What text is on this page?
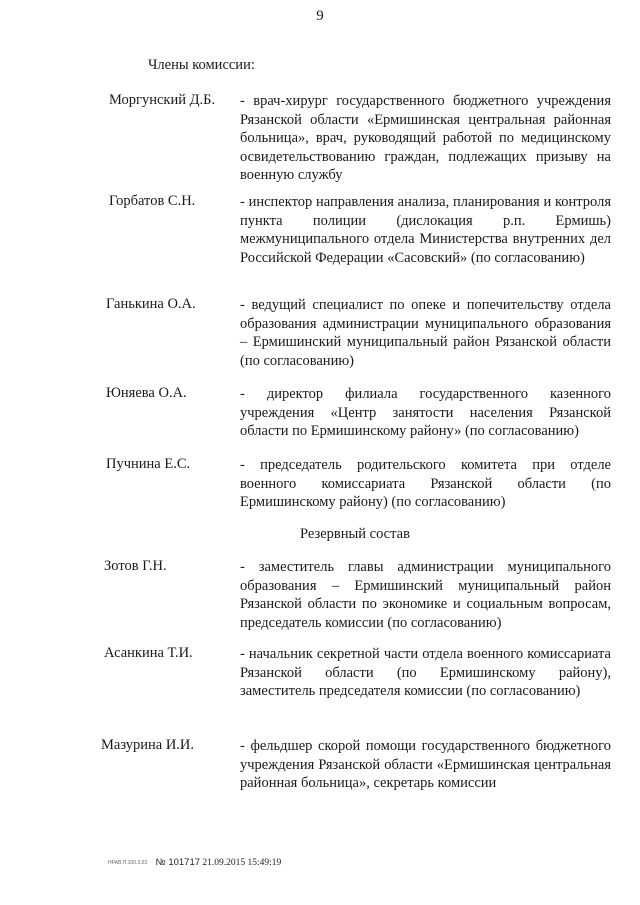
9
Члены комиссии:
Моргунский Д.Б. - врач-хирург государственного бюджетного учреждения Рязанской области «Ермишинская центральная районная больница», врач, руководящий работой по медицинскому освидетельствованию граждан, подлежащих призыву на военную службу
Горбатов С.Н.	- инспектор направления анализа, планирования и контроля пункта полиции (дислокация р.п. Ермишь) межмуниципального отдела Министерства внутренних дел Российской Федерации «Сасовский» (по согласованию)
Ганькина О.А.	- ведущий специалист по опеке и попечительству отдела образования администрации муниципального образования – Ермишинский муниципальный район Рязанской области (по согласованию)
Юняева О.А.	- директор филиала государственного казенного учреждения «Центр занятости населения Рязанской области по Ермишинскому району» (по согласованию)
Пучнина Е.С.	- председатель родительского комитета при отделе военного комиссариата Рязанской области (по Ермишинскому району) (по согласованию)
Резервный состав
Зотов Г.Н.	- заместитель главы администрации муниципального образования – Ермишинский муниципальный район Рязанской области по экономике и социальным вопросам, председатель комиссии (по согласованию)
Асанкина Т.И.	- начальник секретной части отдела военного комиссариата Рязанской области (по Ермишинскому району), заместитель председателя комиссии (по согласованию)
Мазурина И.И.	- фельдшер скорой помощи государственного бюджетного учреждения Рязанской области «Ермишинская центральная районная больница», секретарь комиссии
НРАВ.П.100.3.03 № 101717 21.09.2015 15:49:19
